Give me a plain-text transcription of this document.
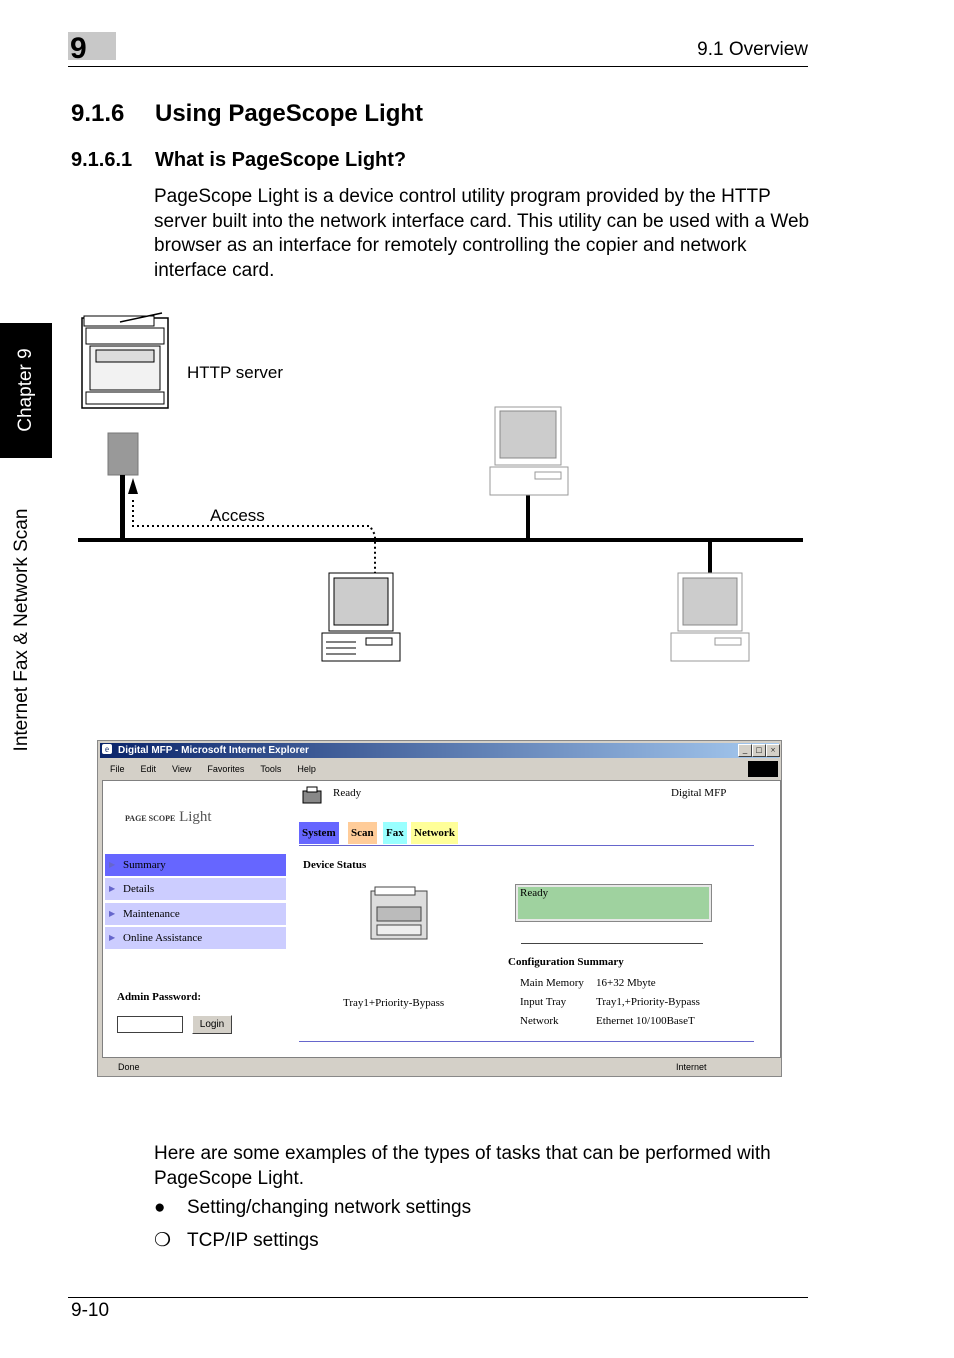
9	9.1 Overview
Chapter 9
Internet Fax & Network Scan
9.1.6 Using PageScope Light
9.1.6.1 What is PageScope Light?
PageScope Light is a device control utility program provided by the HTTP server built into the network interface card. This utility can be used with a Web browser as an interface for remotely controlling the copier and network interface card.
HTTP server
Access
Digital MFP - Microsoft Internet Explorer
e	_	□ ×
File Edit View Favorites Tools Help
PAGE SCOPE Light
Ready	Digital MFP
System Scan Fax Network
▶ Summary
▶ Details
▶ Maintenance
▶ Online Assistance
Device Status
Ready
Configuration Summary
Main Memory 16+32 Mbyte
Input Tray	Tray1,+Priority-Bypass
Network	Ethernet 10/100BaseT
Tray1+Priority-Bypass
Admin Password:
Login
Done	Internet
Here are some examples of the types of tasks that can be performed with PageScope Light.
● Setting/changing network settings
❍ TCP/IP settings
9-10
